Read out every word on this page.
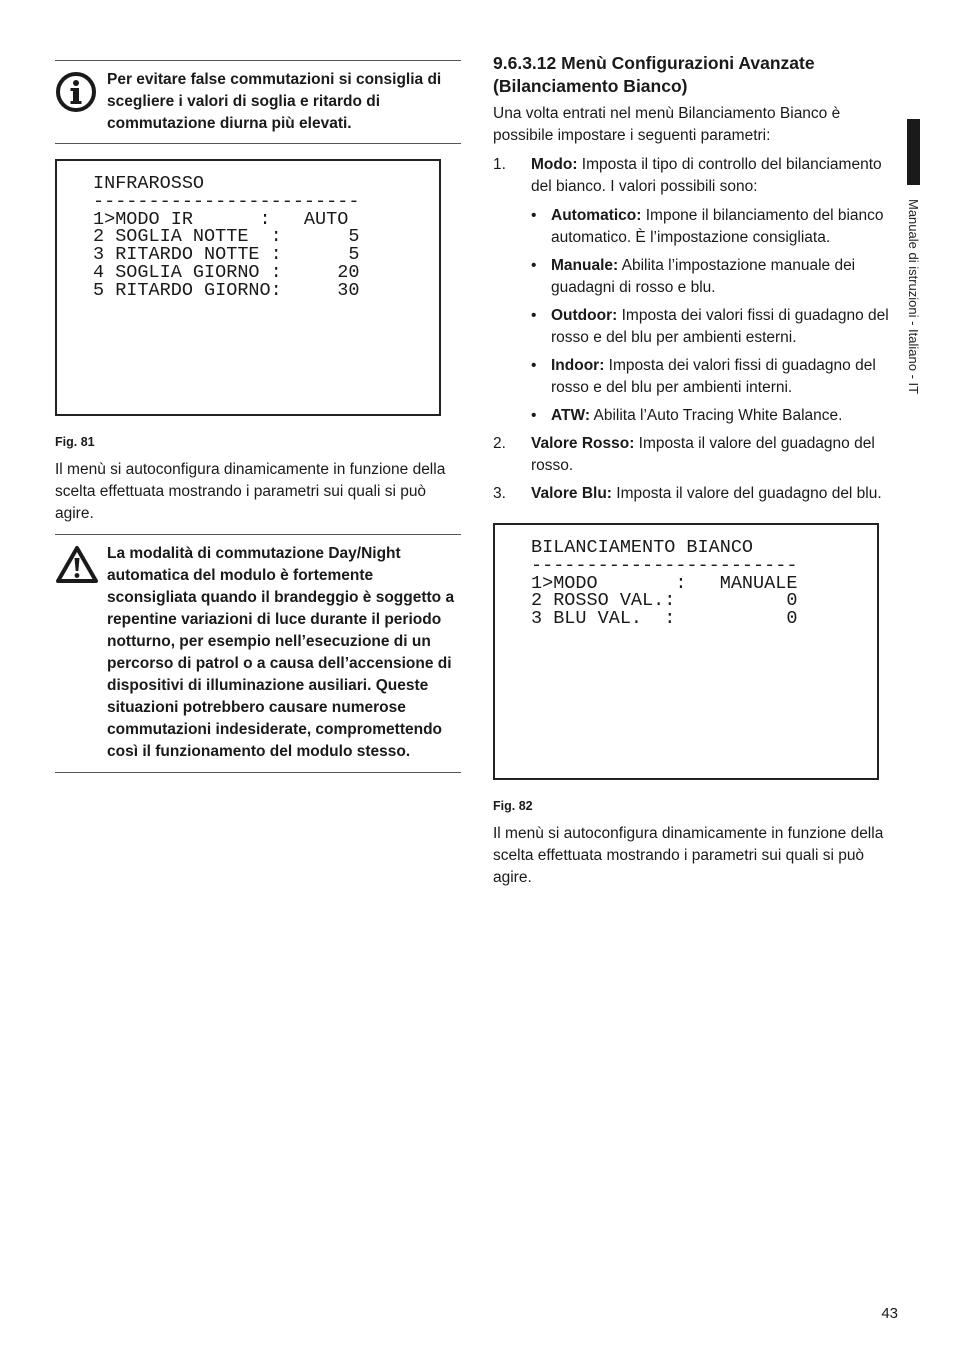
Manuale di istruzioni - Italiano - IT
Per evitare false commutazioni si consiglia di scegliere i valori di soglia e ritardo di commutazione diurna più elevati.
INFRAROSSO
------------------------
1>MODO IR      :   AUTO
2 SOGLIA NOTTE  :      5
3 RITARDO NOTTE :      5
4 SOGLIA GIORNO :     20
5 RITARDO GIORNO:     30
Fig. 81
Il menù si autoconfigura dinamicamente in funzione della scelta effettuata mostrando i parametri sui quali si può agire.
La modalità di commutazione Day/Night automatica del modulo è fortemente sconsigliata quando il brandeggio è soggetto a repentine variazioni di luce durante il periodo notturno, per esempio nell’esecuzione di un percorso di patrol o a causa dell’accensione di dispositivi di illuminazione ausiliari. Queste situazioni potrebbero causare numerose commutazioni indesiderate, compromettendo così il funzionamento del modulo stesso.
9.6.3.12 Menù Configurazioni Avanzate (Bilanciamento Bianco)
Una volta entrati nel menù Bilanciamento Bianco è possibile impostare i seguenti parametri:
1.	Modo: Imposta il tipo di controllo del bilanciamento del bianco. I valori possibili sono:
• Automatico: Impone il bilanciamento del bianco automatico. È l’impostazione consigliata.
• Manuale: Abilita l’impostazione manuale dei guadagni di rosso e blu.
• Outdoor: Imposta dei valori fissi di guadagno del rosso e del blu per ambienti esterni.
• Indoor: Imposta dei valori fissi di guadagno del rosso e del blu per ambienti interni.
• ATW: Abilita l’Auto Tracing White Balance.
2.	Valore Rosso: Imposta il valore del guadagno del rosso.
3.	Valore Blu: Imposta il valore del guadagno del blu.
BILANCIAMENTO BIANCO
------------------------
1>MODO       :   MANUALE
2 ROSSO VAL.:          0
3 BLU VAL.  :          0
Fig. 82
Il menù si autoconfigura dinamicamente in funzione della scelta effettuata mostrando i parametri sui quali si può agire.
43
